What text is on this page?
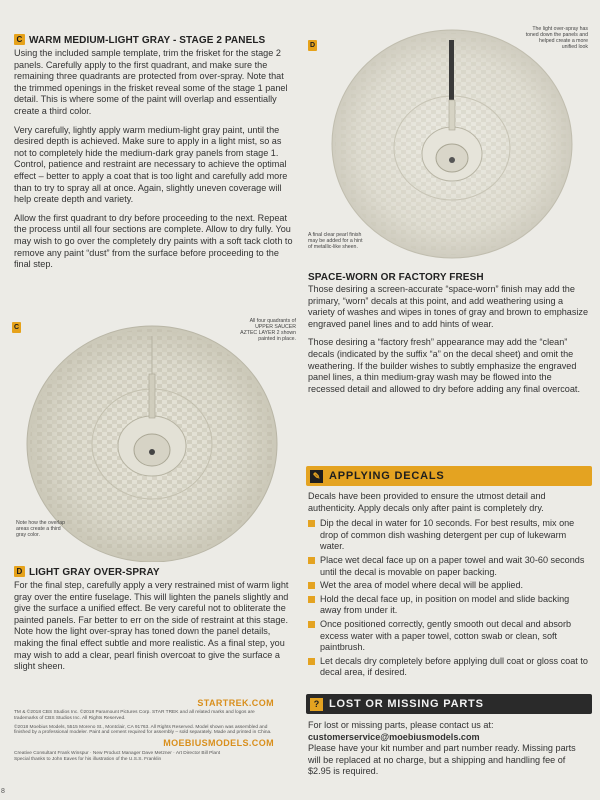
C WARM MEDIUM-LIGHT GRAY - STAGE 2 PANELS

Using the included sample template, trim the frisket for the stage 2 panels. Carefully apply to the first quadrant, and make sure the remaining three quadrants are protected from over-spray. Note that the trimmed openings in the frisket reveal some of the stage 1 panel detail. This is where some of the paint will overlap and essentially create a third color.

Very carefully, lightly apply warm medium-light gray paint, until the desired depth is achieved. Make sure to apply in a light mist, so as not to completely hide the medium-dark gray panels from stage 1. Control, patience and restraint are necessary to achieve the optimal effect – better to apply a coat that is too light and carefully add more than to try to spray all at once. Again, slightly uneven coverage will help create depth and variety.

Allow the first quadrant to dry before proceeding to the next. Repeat the process until all four sections are complete. Allow to dry fully. You may wish to go over the completely dry paints with a soft tack cloth to remove any paint “dust” from the surface before proceeding to the final step.

C
All four quadrants of UPPER SAUCER AZTEC LAYER 2 shown painted in place.
Note how the overlap areas create a third gray color.
D LIGHT GRAY OVER-SPRAY
For the final step, carefully apply a very restrained mist of warm light gray over the entire fuselage. This will lighten the panels slightly and give the surface a unified effect. Be very careful not to obliterate the painted panels. Far better to err on the side of restraint at this stage. Note how the light over-spray has toned down the panel details, making the final effect subtle and more realistic. As a final step, you may wish to add a clear, pearl finish overcoat to give the surface a slight sheen.
STARTREK.COM
TM & ©2018 CBS Studios Inc. ©2018 Paramount Pictures Corp. STAR TREK and all related marks and logos are trademarks of CBS Studios Inc. All Rights Reserved.
©2018 Moebius Models, 5515 Moreno St., Montclair, CA 91763. All Rights Reserved. Model shown was assembled and finished by a professional modeler. Paint and cement required for assembly – sold separately. Made and printed in China.
MOEBIUSMODELS.COM
Creative Consultant Frank Winspur · New Product Manager Dave Metzner · Art Director Bill Plant
Special thanks to John Eaves for his illustration of the U.S.S. Franklin
8
D
The light over-spray has toned down the panels and helped create a more unified look
A final clear pearl finish may be added for a hint of metallic-like sheen.
SPACE-WORN OR FACTORY FRESH

Those desiring a screen-accurate “space-worn” finish may add the primary, “worn” decals at this point, and add weathering using a variety of washes and wipes in tones of gray and brown to emphasize engraved panel lines and to add hints of wear.

Those desiring a “factory fresh” appearance may add the “clean” decals (indicated by the suffix “a” on the decal sheet) and omit the weathering. If the builder wishes to subtly emphasize the engraved panel lines, a thin medium-gray wash may be flowed into the recessed detail and allowed to dry before adding any final overcoat.

✎ APPLYING DECALS
Decals have been provided to ensure the utmost detail and authenticity. Apply decals only after paint is completely dry.
Dip the decal in water for 10 seconds. For best results, mix one drop of common dish washing detergent per cup of lukewarm water.
Place wet decal face up on a paper towel and wait 30-60 seconds until the decal is movable on paper backing.
Wet the area of model where decal will be applied.
Hold the decal face up, in position on model and slide backing away from under it.
Once positioned correctly, gently smooth out decal and absorb excess water with a paper towel, cotton swab or clean, soft paintbrush.
Let decals dry completely before applying dull coat or gloss coat to decal area, if desired.
? LOST OR MISSING PARTS
For lost or missing parts, please contact us at:
customerservice@moebiusmodels.com
Please have your kit number and part number ready. Missing parts will be replaced at no charge, but a shipping and handling fee of $2.95 is required.
